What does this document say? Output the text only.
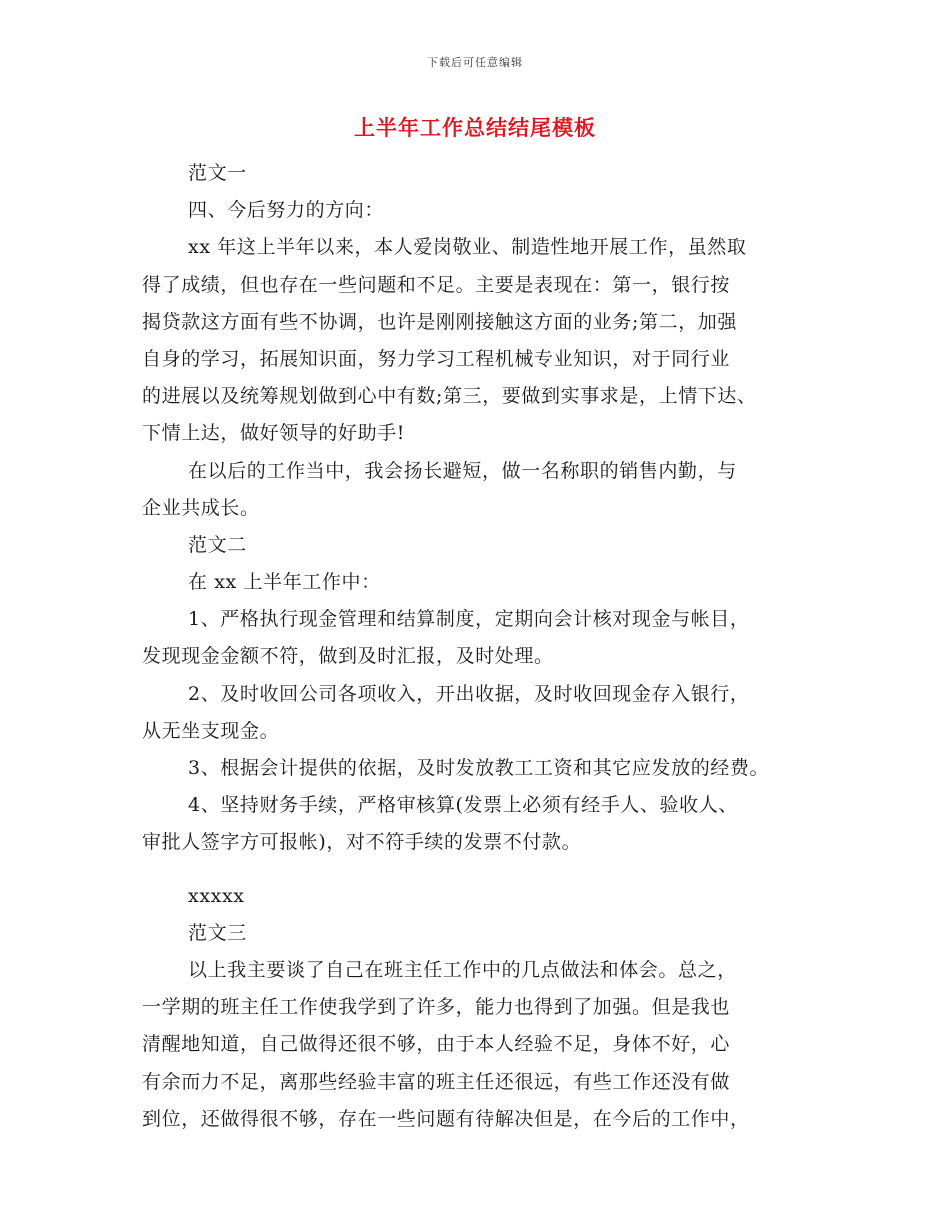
下载后可任意编辑
上半年工作总结结尾模板
范文一
四、今后努力的方向：
xx 年这上半年以来，本人爱岗敬业、制造性地开展工作，虽然取
得了成绩，但也存在一些问题和不足。主要是表现在：第一，银行按
揭贷款这方面有些不协调，也许是刚刚接触这方面的业务;第二，加强
自身的学习，拓展知识面，努力学习工程机械专业知识，对于同行业
的进展以及统筹规划做到心中有数;第三，要做到实事求是，上情下达、
下情上达，做好领导的好助手!
在以后的工作当中，我会扬长避短，做一名称职的销售内勤，与
企业共成长。
范文二
在 xx 上半年工作中：
1、严格执行现金管理和结算制度，定期向会计核对现金与帐目，
发现现金金额不符，做到及时汇报，及时处理。
2、及时收回公司各项收入，开出收据，及时收回现金存入银行，
从无坐支现金。
3、根据会计提供的依据，及时发放教工工资和其它应发放的经费。
4、坚持财务手续，严格审核算(发票上必须有经手人、验收人、
审批人签字方可报帐)，对不符手续的发票不付款。
xxxxx
范文三
以上我主要谈了自己在班主任工作中的几点做法和体会。总之，
一学期的班主任工作使我学到了许多，能力也得到了加强。但是我也
清醒地知道，自己做得还很不够，由于本人经验不足，身体不好，心
有余而力不足，离那些经验丰富的班主任还很远，有些工作还没有做
到位，还做得很不够，存在一些问题有待解决但是，在今后的工作中，
